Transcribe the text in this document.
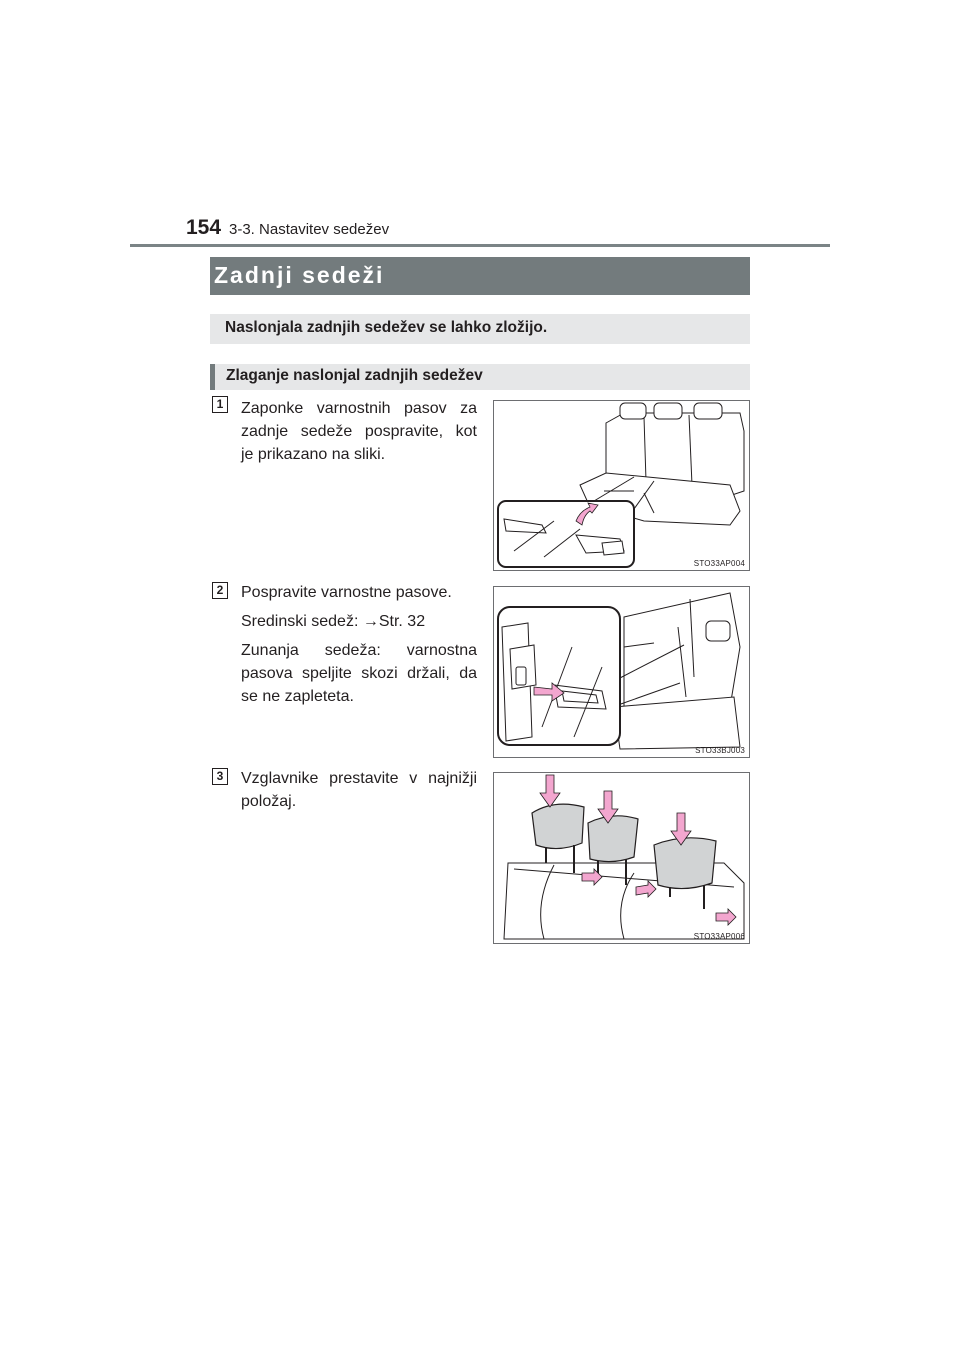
154 3-3. Nastavitev sedežev
Zadnji sedeži
Naslonjala zadnjih sedežev se lahko zložijo.
Zlaganje naslonjal zadnjih sedežev
1 Zaponke varnostnih pasov za
zadnje sedeže pospravite, kot
je prikazano na sliki.
STO33AP004
2 Pospravite varnostne pasove.
Sredinski sedež: →Str. 32
Zunanja sedeža: varnostna
pasova speljite skozi držali, da
se ne zapleteta.
STO33BJ003
3 Vzglavnike prestavite v najnižji
položaj.
STO33AP006
